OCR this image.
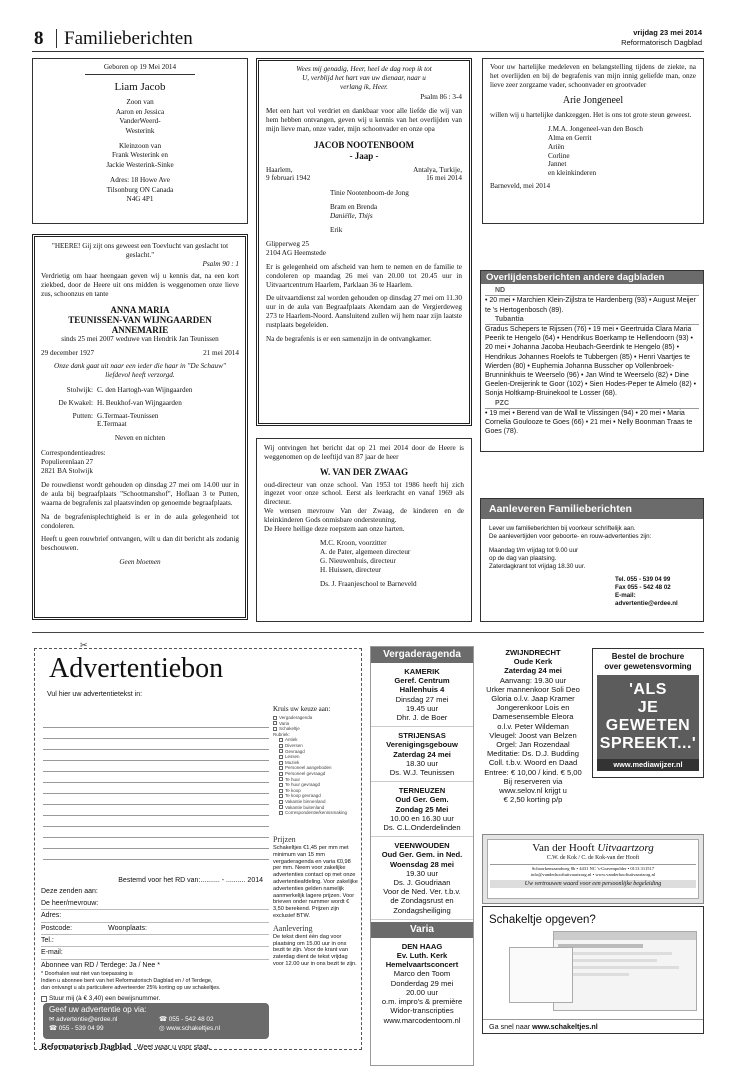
8 Familieberichten	vrijdag 23 mei 2014
Reformatorisch Dagblad
Geboren op 19 Mei 2014
Liam Jacob
Zoon van
Aaron en Jessica
VanderWeerd-
Westerink
Kleinzoon van
Frank Westerink en
Jackie Westerink-Sinke
Adres: 18 Howe Ave
Tilsonburg ON Canada
N4G 4P1
"HEERE! Gij zijt ons geweest een Toevlucht van geslacht tot geslacht."
Psalm 90 : 1
Verdrietig om haar heengaan geven wij u kennis dat, na een kort ziekbed, door de Heere uit ons midden is weggenomen onze lieve zus, schoonzus en tante
ANNA MARIA
TEUNISSEN-VAN WIJNGAARDEN
ANNEMARIE
sinds 25 mei 2007 weduwe van Hendrik Jan Teunissen
29 december 1927	21 mei 2014
Onze dank gaat uit naar een ieder die haar in "De Schauw" liefdevol heeft verzorgd.
Stolwijk: C. den Hartogh-van Wijngaarden
De Kwakel: H. Beukhof-van Wijngaarden
Putten: G.Termaat-Teunissen E.Termaat
Neven en nichten
Correspondentieadres:
Populierenlaan 27
2821 BA Stolwijk
De rouwdienst wordt gehouden op dinsdag 27 mei om 14.00 uur in de aula bij begraafplaats "Schootmanshof", Hoflaan 3 te Putten, waarna de begrafenis zal plaatsvinden op genoemde begraafplaats.
Na de begrafenisplechtigheid is er in de aula gelegenheid tot condoleren.
Heeft u geen rouwbrief ontvangen, wilt u dan dit bericht als zodanig beschouwen.
Geen bloemen
Wees mij genadig, Heer, heel de dag roep ik tot U, verblijd het hart van uw dienaar, naar u verlang ik, Heer.
Psalm 86 : 3-4
Met een hart vol verdriet en dankbaar voor alle liefde die wij van hem hebben ontvangen, geven wij u kennis van het overlijden van mijn lieve man, onze vader, mijn schoonvader en onze opa
JACOB NOOTENBOOM
- Jaap -
Haarlem,
9 februari 1942
Antalya, Turkije,
16 mei 2014
Tinie Nootenboom-de Jong
Bram en Brenda
Daniëlle, Thijs
Erik
Glipperweg 25
2104 AG Heemstede
Er is gelegenheid om afscheid van hem te nemen en de familie te condoleren op maandag 26 mei van 20.00 tot 20.45 uur in Uitvaartcentrum Haarlem, Parklaan 36 te Haarlem.
De uitvaartdienst zal worden gehouden op dinsdag 27 mei om 11.30 uur in de aula van Begraafplaats Akendam aan de Vergierdeweg 273 te Haarlem-Noord. Aansluitend zullen wij hem naar zijn laatste rustplaats begeleiden.
Na de begrafenis is er een samenzijn in de ontvangkamer.
Wij ontvingen het bericht dat op 21 mei 2014 door de Heere is weggenomen op de leeftijd van 87 jaar de heer
W. VAN DER ZWAAG
oud-directeur van onze school. Van 1953 tot 1986 heeft hij zich ingezet voor onze school. Eerst als leerkracht en vanaf 1969 als directeur.
We wensen mevrouw Van der Zwaag, de kinderen en de kleinkinderen Gods onmisbare ondersteuning.
De Heere heilige deze roepstem aan onze harten.
M.C. Kroon, voorzitter
A. de Pater, algemeen directeur
G. Nieuwenhuis, directeur
H. Huissen, directeur
Ds. J. Fraanjeschool te Barneveld
Voor uw hartelijke medeleven en belangstelling tijdens de ziekte, na het overlijden en bij de begrafenis van mijn innig geliefde man, onze lieve zeer zorgzame vader, schoonvader en grootvader
Arie Jongeneel
willen wij u hartelijke dankzeggen. Het is ons tot grote steun geweest.
J.M.A. Jongeneel-van den Bosch
Alma en Gerrit
Ariën
Corline
Jannet
en kleinkinderen
Barneveld, mei 2014
Overlijdensberichten andere dagbladen
ND
• 20 mei • Marchien Klein-Zijlstra te Hardenberg (93) • August Meijer te 's Hertogenbosch (89).
Tubantia
Gradus Schepers te Rijssen (76) • 19 mei • Geertruida Clara Maria Peerik te Hengelo (64) • Hendrikus Boerkamp te Hellendoorn (93) • 20 mei • Johanna Jacoba Heubach-Geerdink te Hengelo (85) • Hendrikus Johannes Roelofs te Tubbergen (85) • Henri Vaartjes te Wierden (80) • Euphemia Johanna Busscher op Vollenbroek-Brunninkhuis te Weerselo (96) • Jan Wind te Weerselo (82) • Dine Geelen-Dreijerink te Goor (102) • Sien Hodes-Peper te Almelo (82) • Sonja Holtkamp-Bruinekool te Losser (68).
PZC
• 19 mei • Berend van de Wall te Vlissingen (94) • 20 mei • Maria Cornelia Goulooze te Goes (66) • 21 mei • Nelly Boonman Traas te Goes (78).
Aanleveren Familieberichten
Lever uw familieberichten bij voorkeur schriftelijk aan.
De aanlevertijden voor geboorte- en rouw-advertenties zijn:
Maandag t/m vrijdag tot 9.00 uur
op de dag van plaatsing.
Zaterdagkrant tot vrijdag 18.30 uur.
Tel. 055 - 539 04 99
Fax 055 - 542 48 02
E-mail: advertentie@erdee.nl
✂
Advertentiebon
Vul hier uw advertentietekst in:
Kruis uw keuze aan:
Vergaderagenda
Varia
Schakeltje
Rubriek:
Antiek
Diversen
Gevraagd
Lessen
Muziek
Personeel aangeboden
Personeel gevraagd
Te huur
Te huur gevraagd
Te koop
Te koop gevraagd
Vakantie binnenland
Vakantie buitenland
Correspondentie/kennismaking
Prijzen
Schakeltjes €1,45 per mm met minimum van 15 mm vergaderagenda en varia €0,98 per mm. Neem voor zakelijke advertenties contact op met onze advertentieafdeling. Voor zakelijke advertenties gelden namelijk aanmerkelijk lagere prijzen. Voor brieven onder nummer wordt € 3,50 berekend. Prijzen zijn exclusief BTW.
Aanlevering
De tekst dient één dag voor plaatsing om 15.00 uur in ons bezit te zijn. Voor de krant van zaterdag dient de tekst vrijdag voor 12.00 uur in ons bezit te zijn.
Bestemd voor het RD van:.......... - .......... 2014
Deze zenden aan:
De heer/mevrouw:
Adres:
Postcode:	Woonplaats:
Tel.:
E-mail:
Abonnee van RD / Terdege: Ja / Nee *
* Doorhalen wat niet van toepassing is
Indien u abonnee bent van het Reformatorisch Dagblad en / of Terdege,
dan ontvangt u als particuliere adverteerder 25% korting op uw schakeltjes.
Stuur mij (à € 3,40) een bewijsnummer.
Geef uw advertentie op via:
✉ advertentie@erdee.nl	☎ 055 - 542 48 02
☎ 055 - 539 04 99	◎ www.schakeltjes.nl
Reformatorisch Dagblad Weet waar u voor staat.
Vergaderagenda
KAMERIK
Geref. Centrum
Hallenhuis 4
Dinsdag 27 mei
19.45 uur
Dhr. J. de Boer
STRIJENSAS
Verenigingsgebouw
Zaterdag 24 mei
18.30 uur
Ds. W.J. Teunissen
TERNEUZEN
Oud Ger. Gem.
Zondag 25 Mei
10.00 en 16.30 uur
Ds. C.L.Onderdelinden
VEENWOUDEN
Oud Ger. Gem. in Ned.
Woensdag 28 mei
19.30 uur
Ds. J. Goudriaan
Voor de Ned. Ver. t.b.v.
de Zondagsrust en
Zondagsheiliging
Varia
DEN HAAG
Ev. Luth. Kerk
Hemelvaartsconcert
Marco den Toom
Donderdag 29 mei
20.00 uur
o.m. impro's & première
Widor-transcripties
www.marcodentoom.nl
ZWIJNDRECHT
Oude Kerk
Zaterdag 24 mei
Aanvang: 19.30 uur
Urker mannenkoor Soli Deo
Gloria o.l.v. Jaap Kramer
Jongerenkoor Lois en
Damesensemble Eleora
o.l.v. Peter Wildeman
Vleugel: Joost van Belzen
Orgel: Jan Rozendaal
Meditatie: Ds. D.J. Budding
Coll. t.b.v. Woord en Daad
Entree: € 10,00 / kind. € 5,00
Bij reserveren via
www.selov.nl krijgt u
€ 2,50 korting p/p
Bestel de brochure
over gewetensvorming
'ALS
JE
GEWETEN
SPREEKT...'
www.mediawijzer.nl
Van der Hooft Uitvaartzorg
C.W. de Kok / C. de Kok-van der Hooft
Schoorkenszandweg 8b • 4431 NC 's-Gravenpolder • 0113 311517
info@vanderhooftuitvaartzorg.nl • www.vanderhooftuitvaartzorg.nl
Uw vertrouwen waard voor een persoonlijke begeleiding
Schakeltje opgeven?
Ga snel naar www.schakeltjes.nl
